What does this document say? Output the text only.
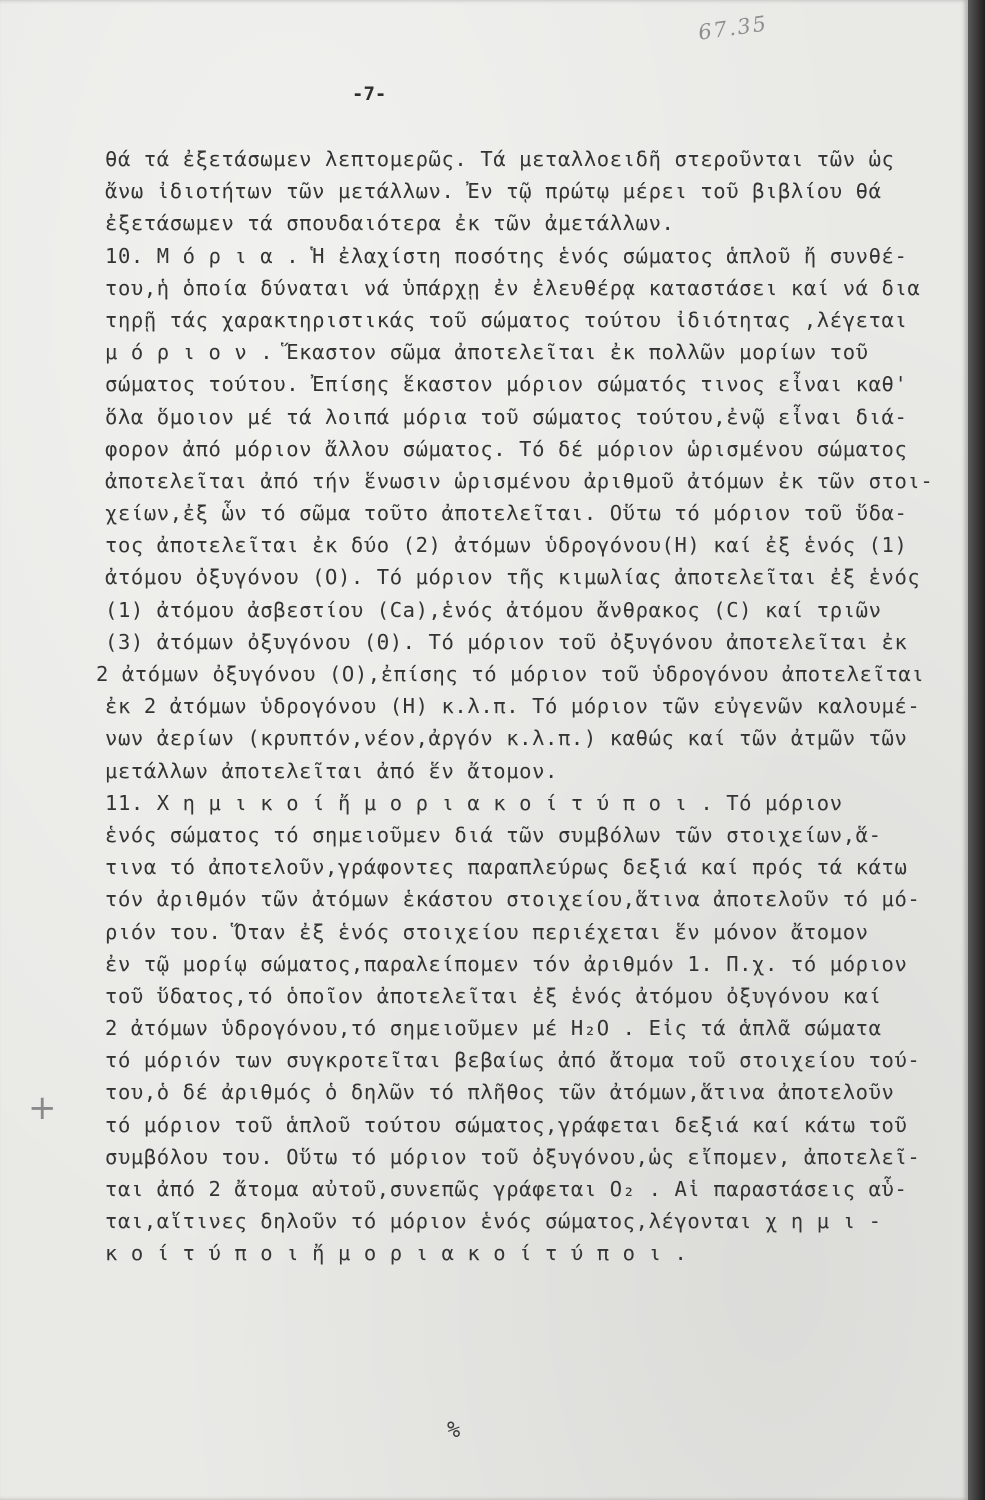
67.35
-7-

θά τά ἐξετάσωμεν λεπτομερῶς. Τά μεταλλοειδῆ στεροῦνται τῶν ὡς
ἄνω ἰδιοτήτων τῶν μετάλλων. Ἐν τῷ πρώτῳ μέρει τοῦ βιβλίου θά
ἐξετάσωμεν τά σπουδαιότερα ἐκ τῶν ἀμετάλλων.
10. Μ ό ρ ι α . Ἡ ἐλαχίστη ποσότης ἑνός σώματος ἁπλοῦ ἤ συνθέ-
του,ἡ ὁποία δύναται νά ὑπάρχῃ ἐν ἐλευθέρᾳ καταστάσει καί νά δια
τηρῇ τάς χαρακτηριστικάς τοῦ σώματος τούτου ἰδιότητας ,λέγεται
μ ό ρ ι ο ν . Ἕκαστον σῶμα ἀποτελεῖται ἐκ πολλῶν μορίων τοῦ
σώματος τούτου. Ἐπίσης ἕκαστον μόριον σώματός τινος εἶναι καθ'
ὅλα ὅμοιον μέ τά λοιπά μόρια τοῦ σώματος τούτου,ἐνῷ εἶναι διά-
φορον ἀπό μόριον ἄλλου σώματος. Τό δέ μόριον ὡρισμένου σώματος
ἀποτελεῖται ἀπό τήν ἕνωσιν ὡρισμένου ἀριθμοῦ ἀτόμων ἐκ τῶν στοι-
χείων,ἐξ ὧν τό σῶμα τοῦτο ἀποτελεῖται. Οὕτω τό μόριον τοῦ ὕδα-
τος ἀποτελεῖται ἐκ δύο (2) ἀτόμων ὑδρογόνου(Η) καί ἐξ ἑνός (1)
ἀτόμου ὀξυγόνου (Ο). Τό μόριον τῆς κιμωλίας ἀποτελεῖται ἐξ ἑνός
(1) ἀτόμου ἀσβεστίου (Ca),ἑνός ἀτόμου ἄνθρακος (C) καί τριῶν
(3) ἀτόμων ὀξυγόνου (Θ). Τό μόριον τοῦ ὀξυγόνου ἀποτελεῖται ἐκ
2 ἀτόμων ὀξυγόνου (Ο),ἐπίσης τό μόριον τοῦ ὑδρογόνου ἀποτελεῖται
ἐκ 2 ἀτόμων ὑδρογόνου (Η) κ.λ.π. Τό μόριον τῶν εὐγενῶν καλουμέ-
νων ἀερίων (κρυπτόν,νέον,ἀργόν κ.λ.π.) καθώς καί τῶν ἀτμῶν τῶν
μετάλλων ἀποτελεῖται ἀπό ἕν ἄτομον.
11. Χ η μ ι κ ο ί ἤ μ ο ρ ι α κ ο ί τ ύ π ο ι . Τό μόριον
ἑνός σώματος τό σημειοῦμεν διά τῶν συμβόλων τῶν στοιχείων,ἅ-
τινα τό ἀποτελοῦν,γράφοντες παραπλεύρως δεξιά καί πρός τά κάτω
τόν ἀριθμόν τῶν ἀτόμων ἑκάστου στοιχείου,ἅτινα ἀποτελοῦν τό μό-
ριόν του. Ὅταν ἐξ ἑνός στοιχείου περιέχεται ἕν μόνον ἄτομον
ἐν τῷ μορίῳ σώματος,παραλείπομεν τόν ἀριθμόν 1. Π.χ. τό μόριον
τοῦ ὕδατος,τό ὁποῖον ἀποτελεῖται ἐξ ἑνός ἀτόμου ὀξυγόνου καί
2 ἀτόμων ὑδρογόνου,τό σημειοῦμεν μέ Η₂Ο . Εἰς τά ἁπλᾶ σώματα
τό μόριόν των συγκροτεῖται βεβαίως ἀπό ἄτομα τοῦ στοιχείου τού-
του,ὁ δέ ἀριθμός ὁ δηλῶν τό πλῆθος τῶν ἀτόμων,ἅτινα ἀποτελοῦν
τό μόριον τοῦ ἁπλοῦ τούτου σώματος,γράφεται δεξιά καί κάτω τοῦ
συμβόλου του. Οὕτω τό μόριον τοῦ ὀξυγόνου,ὡς εἴπομεν, ἀποτελεῖ-
ται ἀπό 2 ἄτομα αὐτοῦ,συνεπῶς γράφεται Ο₂ . Αἱ παραστάσεις αὗ-
ται,αἵτινες δηλοῦν τό μόριον ἑνός σώματος,λέγονται χ η μ ι -
κ ο ί τ ύ π ο ι ἤ μ ο ρ ι α κ ο ί τ ύ π ο ι .
+
%
